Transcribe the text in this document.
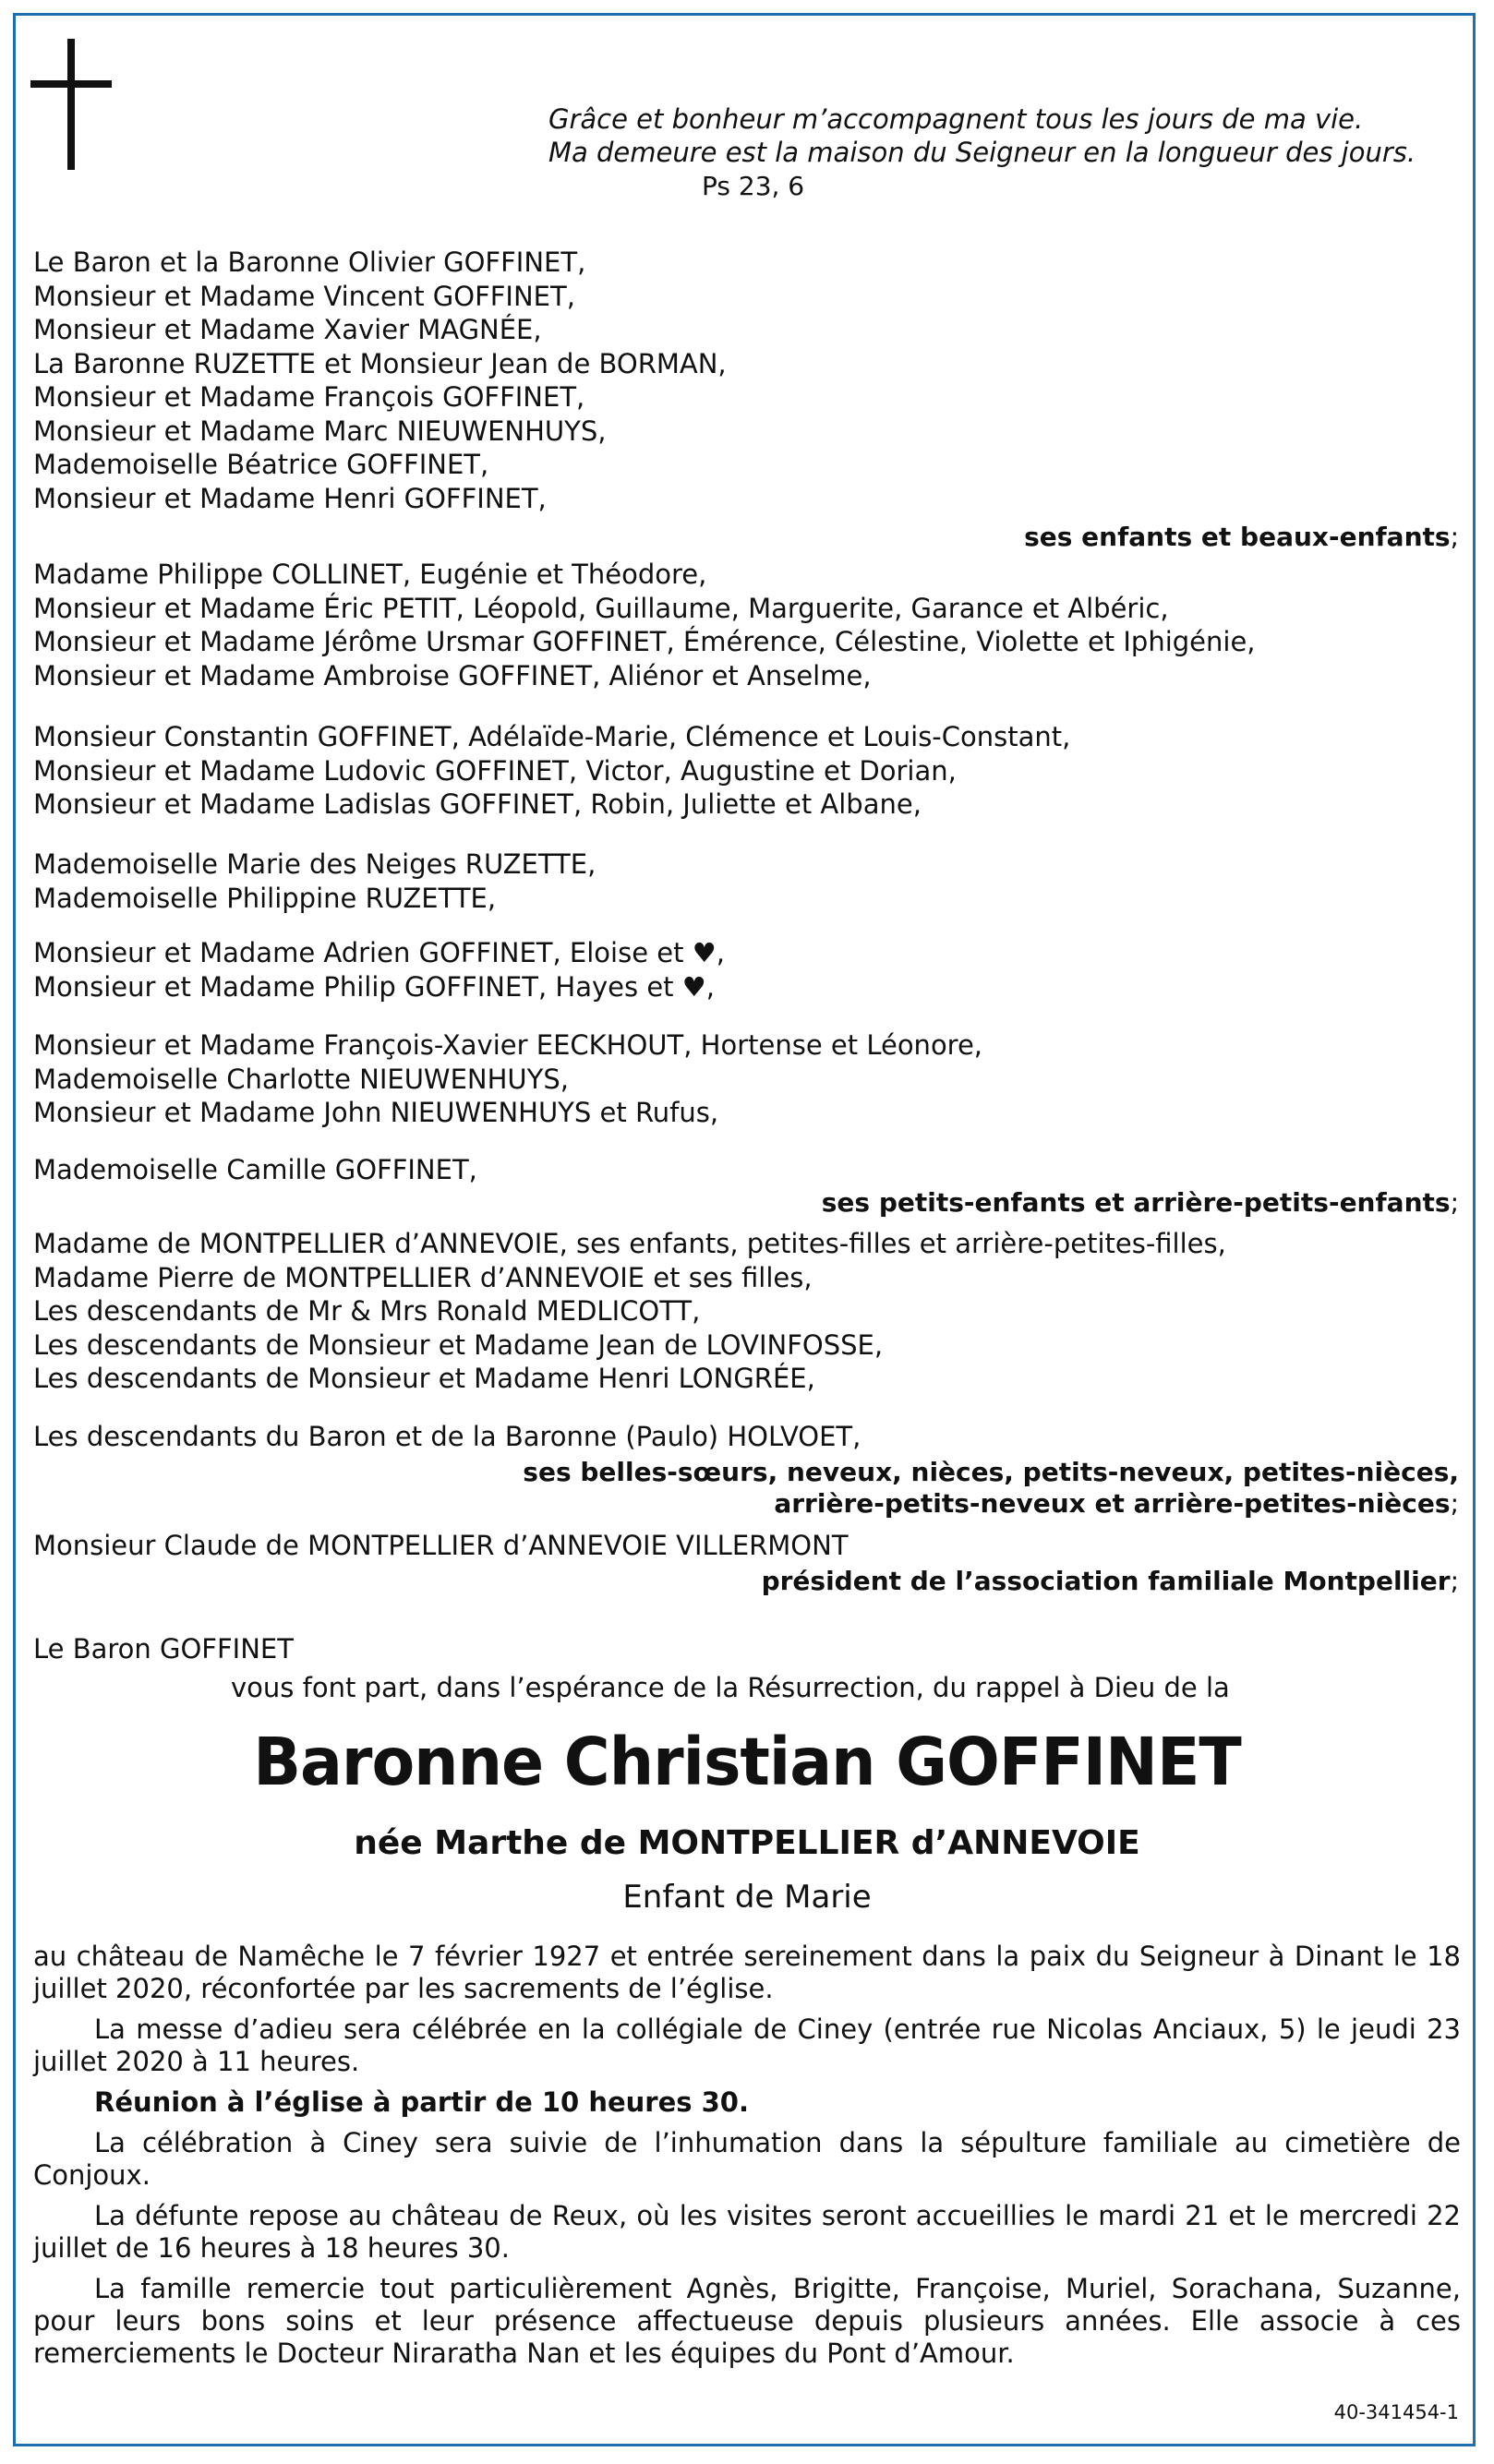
Grâce et bonheur m’accompagnent tous les jours de ma vie.
Ma demeure est la maison du Seigneur en la longueur des jours.
Ps 23, 6
Le Baron et la Baronne Olivier GOFFINET,
Monsieur et Madame Vincent GOFFINET,
Monsieur et Madame Xavier MAGNÉE,
La Baronne RUZETTE et Monsieur Jean de BORMAN,
Monsieur et Madame François GOFFINET,
Monsieur et Madame Marc NIEUWENHUYS,
Mademoiselle Béatrice GOFFINET,
Monsieur et Madame Henri GOFFINET,
ses enfants et beaux-enfants;
Madame Philippe COLLINET, Eugénie et Théodore,
Monsieur et Madame Éric PETIT, Léopold, Guillaume, Marguerite, Garance et Albéric,
Monsieur et Madame Jérôme Ursmar GOFFINET, Émérence, Célestine, Violette et Iphigénie,
Monsieur et Madame Ambroise GOFFINET, Aliénor et Anselme,
Monsieur Constantin GOFFINET, Adélaïde-Marie, Clémence et Louis-Constant,
Monsieur et Madame Ludovic GOFFINET, Victor, Augustine et Dorian,
Monsieur et Madame Ladislas GOFFINET, Robin, Juliette et Albane,
Mademoiselle Marie des Neiges RUZETTE,
Mademoiselle Philippine RUZETTE,
Monsieur et Madame Adrien GOFFINET, Eloise et ♥,
Monsieur et Madame Philip GOFFINET, Hayes et ♥,
Monsieur et Madame François-Xavier EECKHOUT, Hortense et Léonore,
Mademoiselle Charlotte NIEUWENHUYS,
Monsieur et Madame John NIEUWENHUYS et Rufus,
Mademoiselle Camille GOFFINET,
ses petits-enfants et arrière-petits-enfants;
Madame de MONTPELLIER d’ANNEVOIE, ses enfants, petites-filles et arrière-petites-filles,
Madame Pierre de MONTPELLIER d’ANNEVOIE et ses filles,
Les descendants de Mr & Mrs Ronald MEDLICOTT,
Les descendants de Monsieur et Madame Jean de LOVINFOSSE,
Les descendants de Monsieur et Madame Henri LONGRÉE,
Les descendants du Baron et de la Baronne (Paulo) HOLVOET,
ses belles-sœurs, neveux, nièces, petits-neveux, petites-nièces,
arrière-petits-neveux et arrière-petites-nièces;
Monsieur Claude de MONTPELLIER d’ANNEVOIE VILLERMONT
président de l’association familiale Montpellier;
Le Baron GOFFINET
vous font part, dans l’espérance de la Résurrection, du rappel à Dieu de la
Baronne Christian GOFFINET
née Marthe de MONTPELLIER d’ANNEVOIE
Enfant de Marie

au château de Namêche le 7 février 1927 et entrée sereinement dans la paix du Seigneur à Dinant le 18 juillet 2020, réconfortée par les sacrements de l’église.

La messe d’adieu sera célébrée en la collégiale de Ciney (entrée rue Nicolas Anciaux, 5) le jeudi 23 juillet 2020 à 11 heures.

Réunion à l’église à partir de 10 heures 30.

La célébration à Ciney sera suivie de l’inhumation dans la sépulture familiale au cimetière de Conjoux.

La défunte repose au château de Reux, où les visites seront accueillies le mardi 21 et le mercredi 22 juillet de 16 heures à 18 heures 30.

La famille remercie tout particulièrement Agnès, Brigitte, Françoise, Muriel, Sorachana, Suzanne, pour leurs bons soins et leur présence affectueuse depuis plusieurs années. Elle associe à ces remerciements le Docteur Niraratha Nan et les équipes du Pont d’Amour.

40-341454-1
